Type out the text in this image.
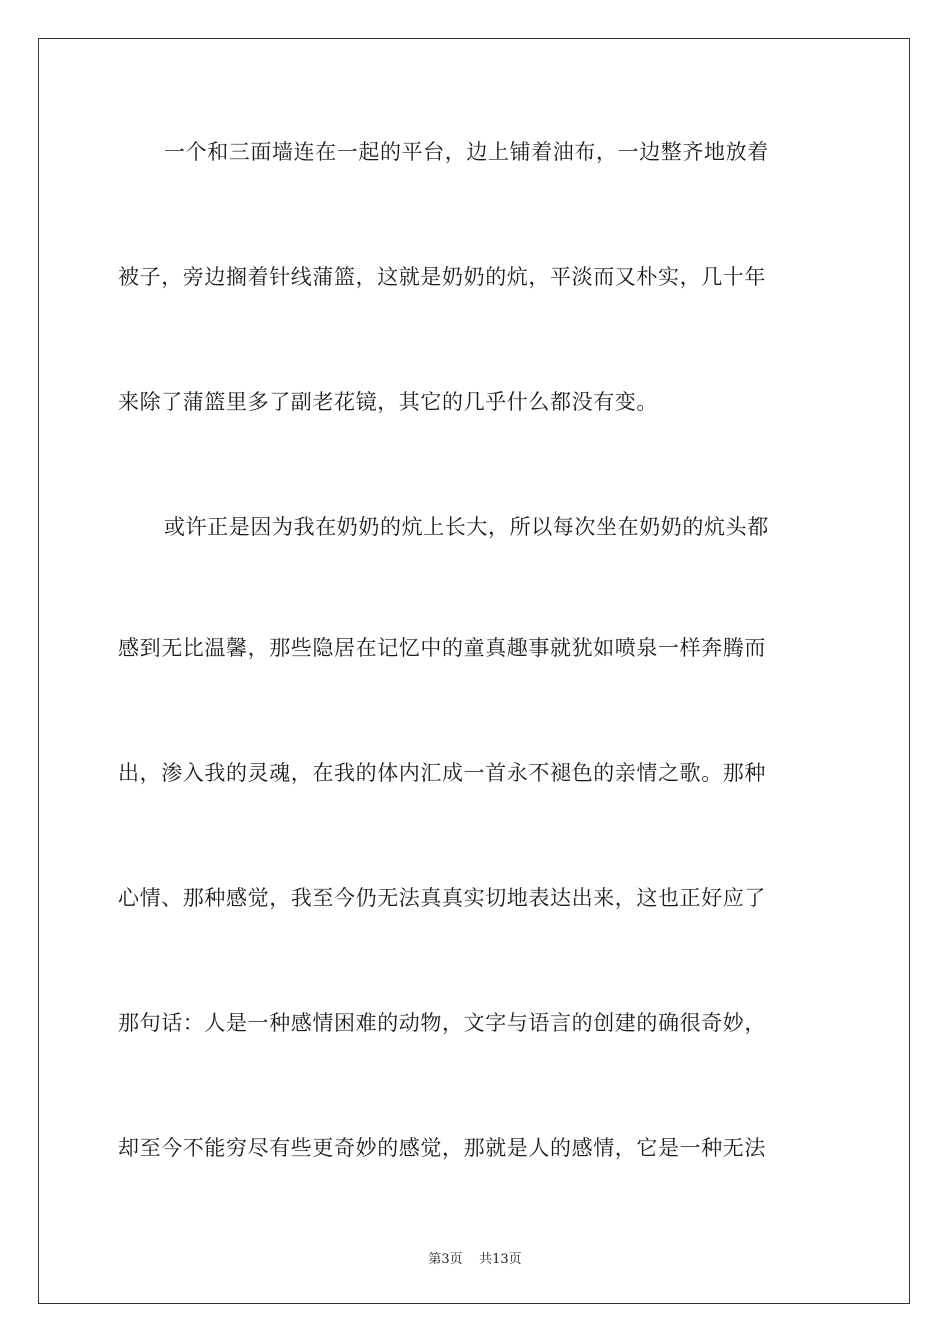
一个和三面墙连在一起的平台，边上铺着油布，一边整齐地放着
被子，旁边搁着针线蒲篮，这就是奶奶的炕，平淡而又朴实，几十年
来除了蒲篮里多了副老花镜，其它的几乎什么都没有变。
或许正是因为我在奶奶的炕上长大，所以每次坐在奶奶的炕头都
感到无比温馨，那些隐居在记忆中的童真趣事就犹如喷泉一样奔腾而
出，渗入我的灵魂，在我的体内汇成一首永不褪色的亲情之歌。那种
心情、那种感觉，我至今仍无法真真实切地表达出来，这也正好应了
那句话：人是一种感情困难的动物，文字与语言的创建的确很奇妙，
却至今不能穷尽有些更奇妙的感觉，那就是人的感情，它是一种无法
第3页 共13页
